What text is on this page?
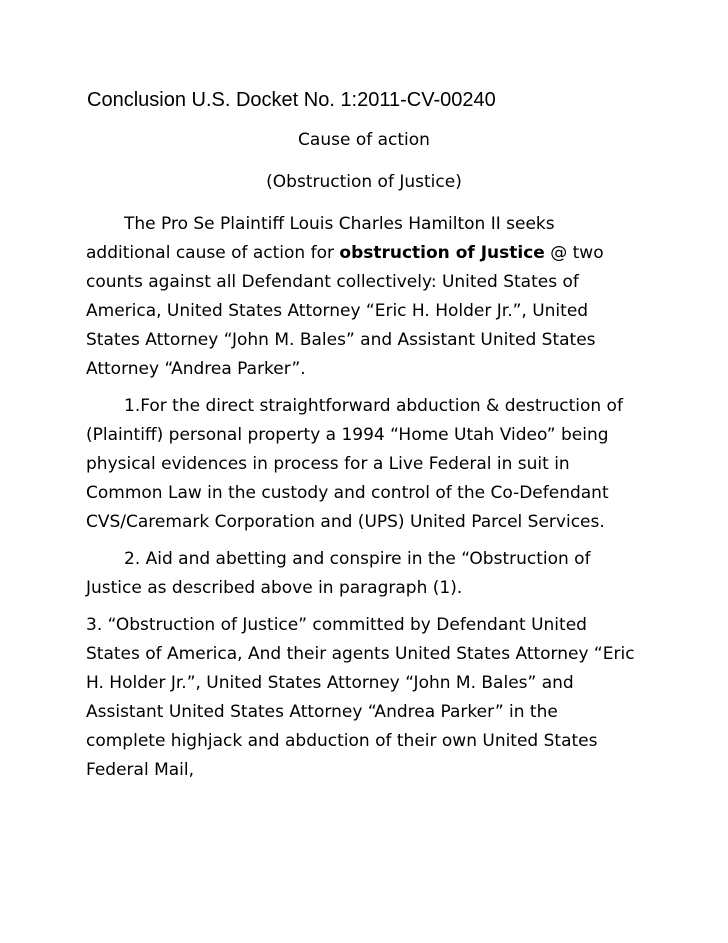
Conclusion U.S. Docket No. 1:2011-CV-00240
Cause of action
(Obstruction of Justice)
The Pro Se Plaintiff Louis Charles Hamilton II seeks
additional cause of action for obstruction of Justice @ two
counts against all Defendant collectively: United States of
America, United States Attorney “Eric H. Holder Jr.”, United
States Attorney “John M. Bales” and Assistant United States
Attorney “Andrea Parker”.
1.For the direct straightforward abduction & destruction of
(Plaintiff) personal property a 1994 “Home Utah Video” being
physical evidences in process for a Live Federal in suit in
Common Law in the custody and control of the Co-Defendant
CVS/Caremark Corporation and (UPS) United Parcel Services.
2. Aid and abetting and conspire in the “Obstruction of
Justice as described above in paragraph (1).
3. “Obstruction of Justice” committed by Defendant United
States of America, And their agents United States Attorney “Eric
H. Holder Jr.”, United States Attorney “John M. Bales” and
Assistant United States Attorney “Andrea Parker” in the
complete highjack and abduction of their own United States
Federal Mail,
